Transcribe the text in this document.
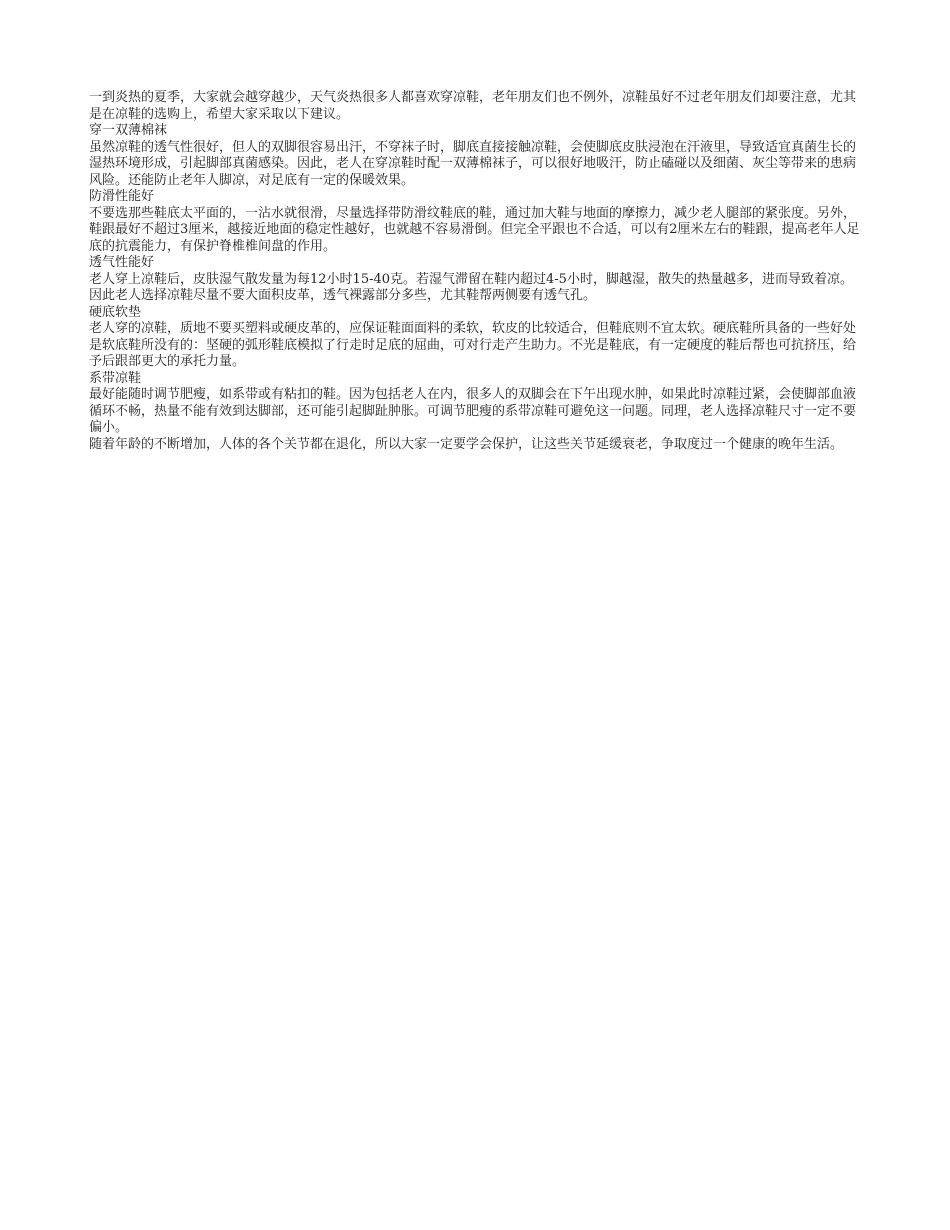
一到炎热的夏季，大家就会越穿越少，天气炎热很多人都喜欢穿凉鞋，老年朋友们也不例外，凉鞋虽好不过老年朋友们却要注意，尤其是在凉鞋的选购上，希望大家采取以下建议。

穿一双薄棉袜

虽然凉鞋的透气性很好，但人的双脚很容易出汗，不穿袜子时，脚底直接接触凉鞋，会使脚底皮肤浸泡在汗液里，导致适宜真菌生长的湿热环境形成，引起脚部真菌感染。因此，老人在穿凉鞋时配一双薄棉袜子，可以很好地吸汗，防止磕碰以及细菌、灰尘等带来的患病风险。还能防止老年人脚凉，对足底有一定的保暖效果。

防滑性能好

不要选那些鞋底太平面的，一沾水就很滑，尽量选择带防滑纹鞋底的鞋，通过加大鞋与地面的摩擦力，减少老人腿部的紧张度。另外，鞋跟最好不超过3厘米，越接近地面的稳定性越好，也就越不容易滑倒。但完全平跟也不合适，可以有2厘米左右的鞋跟，提高老年人足底的抗震能力，有保护脊椎椎间盘的作用。

透气性能好

老人穿上凉鞋后，皮肤湿气散发量为每12小时15-40克。若湿气滞留在鞋内超过4-5小时，脚越湿，散失的热量越多，进而导致着凉。因此老人选择凉鞋尽量不要大面积皮革，透气裸露部分多些，尤其鞋帮两侧要有透气孔。

硬底软垫

老人穿的凉鞋，质地不要买塑料或硬皮革的，应保证鞋面面料的柔软，软皮的比较适合，但鞋底则不宜太软。硬底鞋所具备的一些好处是软底鞋所没有的：坚硬的弧形鞋底模拟了行走时足底的屈曲，可对行走产生助力。不光是鞋底，有一定硬度的鞋后帮也可抗挤压，给予后跟部更大的承托力量。

系带凉鞋

最好能随时调节肥瘦，如系带或有粘扣的鞋。因为包括老人在内，很多人的双脚会在下午出现水肿，如果此时凉鞋过紧，会使脚部血液循环不畅，热量不能有效到达脚部，还可能引起脚趾肿胀。可调节肥瘦的系带凉鞋可避免这一问题。同理，老人选择凉鞋尺寸一定不要偏小。

随着年龄的不断增加，人体的各个关节都在退化，所以大家一定要学会保护，让这些关节延缓衰老，争取度过一个健康的晚年生活。
